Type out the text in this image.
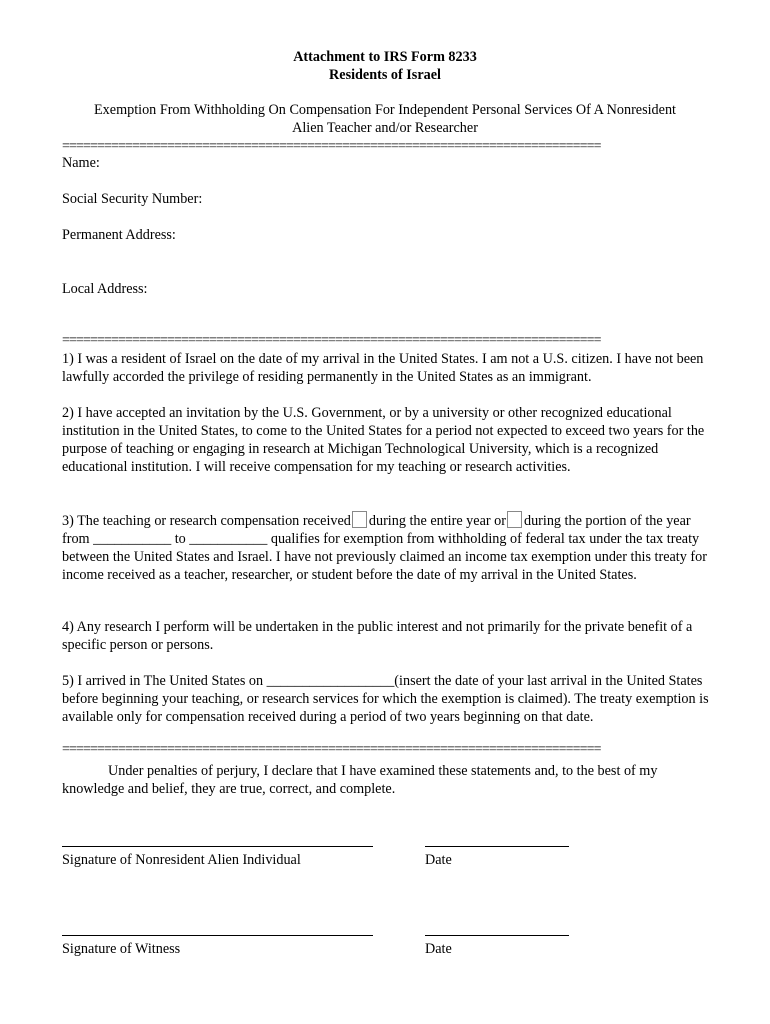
Attachment to IRS Form 8233
Residents of Israel
Exemption From Withholding On Compensation For Independent Personal Services Of A Nonresident
Alien Teacher and/or Researcher
=============================================================================
Name:
Social Security Number:
Permanent Address:
Local Address:
=============================================================================
1) I was a resident of Israel on the date of my arrival in the United States. I am not a U.S. citizen. I have not been lawfully accorded the privilege of residing permanently in the United States as an immigrant.
2) I have accepted an invitation by the U.S. Government, or by a university or other recognized educational institution in the United States, to come to the United States for a period not expected to exceed two years for the purpose of teaching or engaging in research at Michigan Technological University, which is a recognized educational institution. I will receive compensation for my teaching or research activities.
3) The teaching or research compensation received during the entire year or during the portion of the year from ___________ to ___________ qualifies for exemption from withholding of federal tax under the tax treaty between the United States and Israel. I have not previously claimed an income tax exemption under this treaty for income received as a teacher, researcher, or student before the date of my arrival in the United States.
4) Any research I perform will be undertaken in the public interest and not primarily for the private benefit of a specific person or persons.
5) I arrived in The United States on __________________(insert the date of your last arrival in the United States before beginning your teaching, or research services for which the exemption is claimed). The treaty exemption is available only for compensation received during a period of two years beginning on that date.
=============================================================================
Under penalties of perjury, I declare that I have examined these statements and, to the best of my knowledge and belief, they are true, correct, and complete.
Signature of Nonresident Alien Individual	Date
Signature of Witness	Date
